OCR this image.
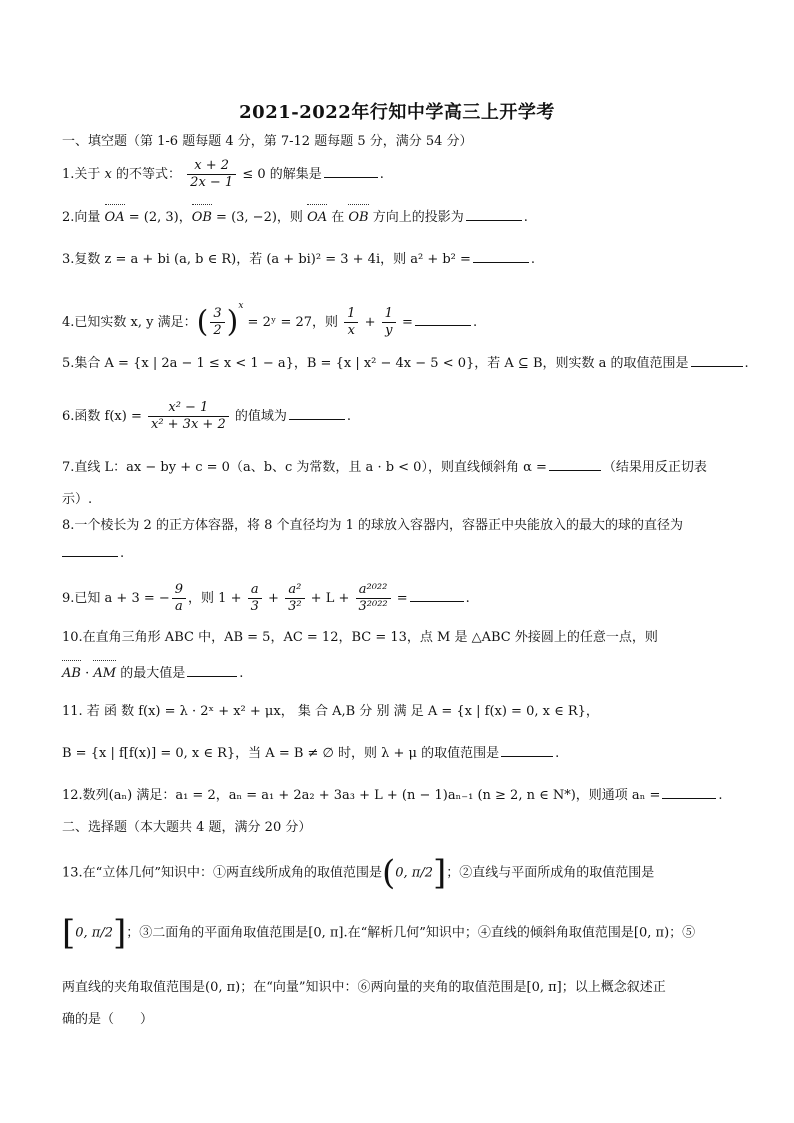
2021-2022年行知中学高三上开学考
一、填空题（第 1-6 题每题 4 分，第 7-12 题每题 5 分，满分 54 分）
1.关于 x 的不等式： $\frac{x + 2}{2x - 1} \le 0$ 的解集是	.
2.向量 OA = (2, 3)，OB = (3, −2)，则 OA 在 OB 方向上的投影为	.
3.复数 z = a + bi (a, b ∈ R)，若 (a + bi)² = 3 + 4i，则 a² + b² =	.
4.已知实数 x, y 满足：( $\frac{3}{2} )^x$ = 2ʸ = 27，则 $\frac{1}{x} + \frac{1}{y}$ =	.
5.集合 A = {x | 2a − 1 ≤ x < 1 − a}，B = {x | x² − 4x − 5 < 0}，若 A ⊆ B，则实数 a 的取值范围是	.
6.函数 $f(x) = \frac{\text{x² − 1}}{\text{x² + 3x + 2}}$ 的值域为	.
7.直线 L：ax − by + c = 0（a、b、c 为常数，且 a · b < 0），则直线倾斜角 α =	（结果用反正切表
示）.
8.一个棱长为 2 的正方体容器，将 8 个直径均为 1 的球放入容器内，容器正中央能放入的最大的球的直径为
.
9.已知 a + 3 = − $\frac{9}{a}$ ，则 $1 + \frac{a}{3} + \frac{\text{a²}}{\text{3²}} + L + \frac{\text{a²⁰²²}}{\text{3²⁰²²}}$ =	.
10.在直角三角形 ABC 中，AB = 5，AC = 12，BC = 13，点 M 是 △ABC 外接圆上的任意一点，则
AB · AM 的最大值是	.
11. 若 函 数 f(x) = λ · 2ˣ + x² + μx， 集 合 A,B 分 别 满 足 A = {x | f(x) = 0, x ∈ R}，
B = {x | f[f(x)] = 0, x ∈ R}，当 A = B ≠ ∅ 时，则 λ + μ 的取值范围是	.
12.数列(aₙ) 满足：a₁ = 2，aₙ = a₁ + 2a₂ + 3a₃ + L + (n − 1)aₙ₋₁ (n ≥ 2, n ∈ N*)，则通项 aₙ =	.
二、选择题（本大题共 4 题，满分 20 分）
13.在“立体几何”知识中：①两直线所成角的取值范围是(0, π/2]；②直线与平面所成角的取值范围是
[0, π/2]；③二面角的平面角取值范围是[0, π].在“解析几何”知识中；④直线的倾斜角取值范围是[0, π)；⑤
两直线的夹角取值范围是(0, π)；在“向量”知识中：⑥两向量的夹角的取值范围是[0, π]；以上概念叙述正
确的是（　　）
